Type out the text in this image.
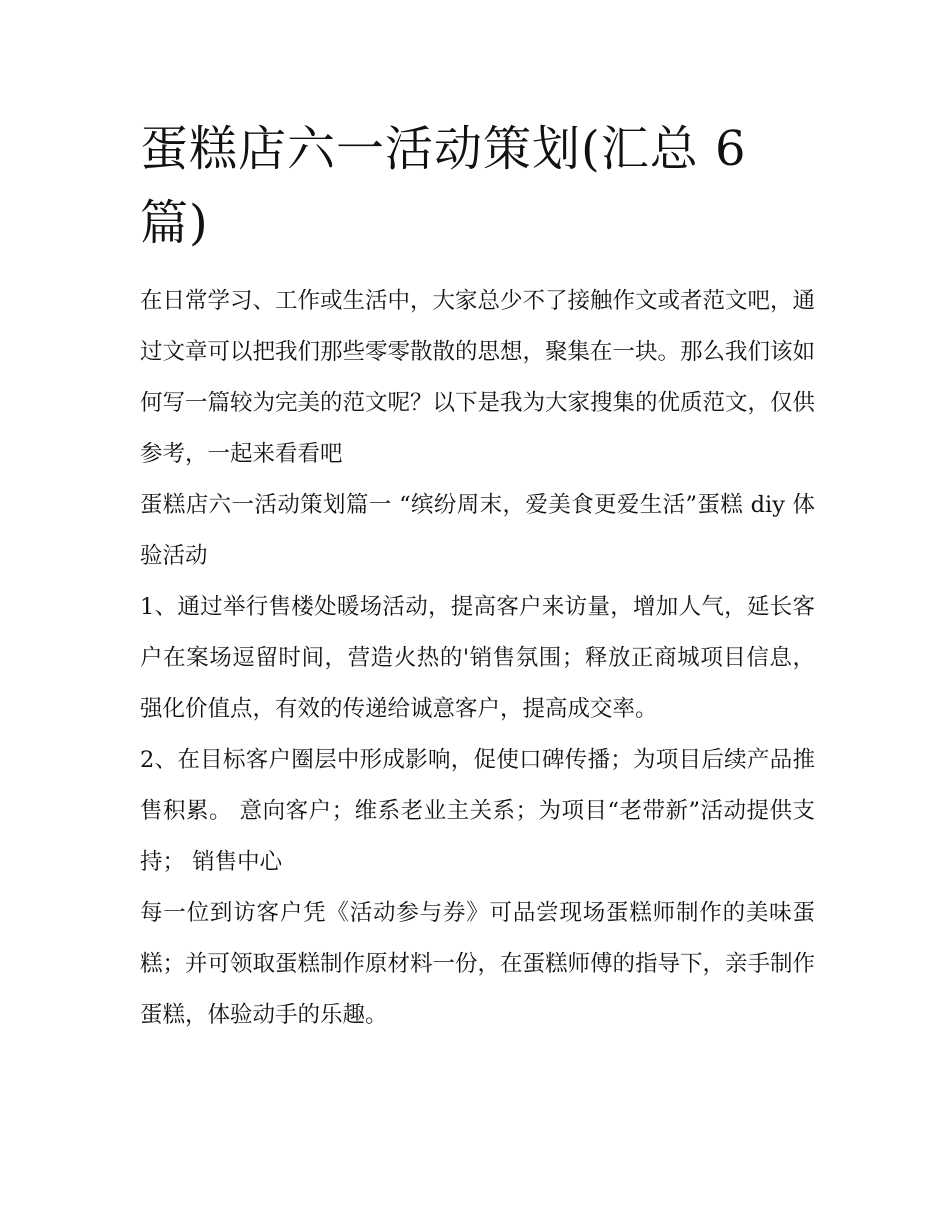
蛋糕店六一活动策划(汇总 6 篇)

在日常学习、工作或生活中，大家总少不了接触作文或者范文吧，通过文章可以把我们那些零零散散的思想，聚集在一块。那么我们该如何写一篇较为完美的范文呢？以下是我为大家搜集的优质范文，仅供参考，一起来看看吧

蛋糕店六一活动策划篇一 “缤纷周末，爱美食更爱生活”蛋糕 diy 体验活动

1、通过举行售楼处暖场活动，提高客户来访量，增加人气，延长客户在案场逗留时间，营造火热的'销售氛围；释放正商城项目信息，强化价值点，有效的传递给诚意客户，提高成交率。

2、在目标客户圈层中形成影响，促使口碑传播；为项目后续产品推售积累。 意向客户；维系老业主关系；为项目“老带新”活动提供支持； 销售中心

每一位到访客户凭《活动参与券》可品尝现场蛋糕师制作的美味蛋糕；并可领取蛋糕制作原材料一份，在蛋糕师傅的指导下，亲手制作蛋糕，体验动手的乐趣。
